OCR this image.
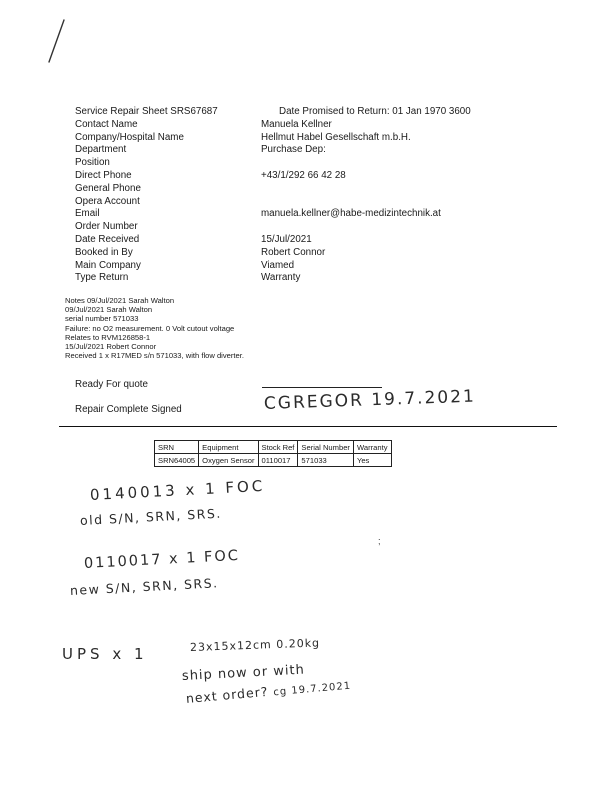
Service Repair Sheet SRS67687	Date Promised to Return: 01 Jan 1970 3600
Contact Name	Manuela Kellner
Company/Hospital Name	Hellmut Habel Gesellschaft m.b.H.
Department	Purchase Dep:
Position
Direct Phone	+43/1/292 66 42 28
General Phone
Opera Account
Email	manuela.kellner@habe-medizintechnik.at
Order Number
Date Received	15/Jul/2021
Booked in By	Robert Connor
Main Company	Viamed
Type Return	Warranty
Notes 09/Jul/2021 Sarah Walton
09/Jul/2021 Sarah Walton
serial number 571033
Failure: no O2 measurement. 0 Volt cutout voltage
Relates to RVM126858-1
15/Jul/2021 Robert Connor
Received 1 x R17MED s/n 571033, with flow diverter.
Ready For quote
Repair Complete Signed	CGREGOR 19.7.2021
SRN	Equipment	Stock Ref	Serial Number	Warranty
SRN64005	Oxygen Sensor	0110017	571033	Yes
0140013 x 1 FOC
old S/N, SRN, SRS.
;
0110017 x 1 FOC
new S/N, SRN, SRS.
UPS x 1	23x15x12cm 0.20kg
ship now or with
next order? cg 19.7.2021
